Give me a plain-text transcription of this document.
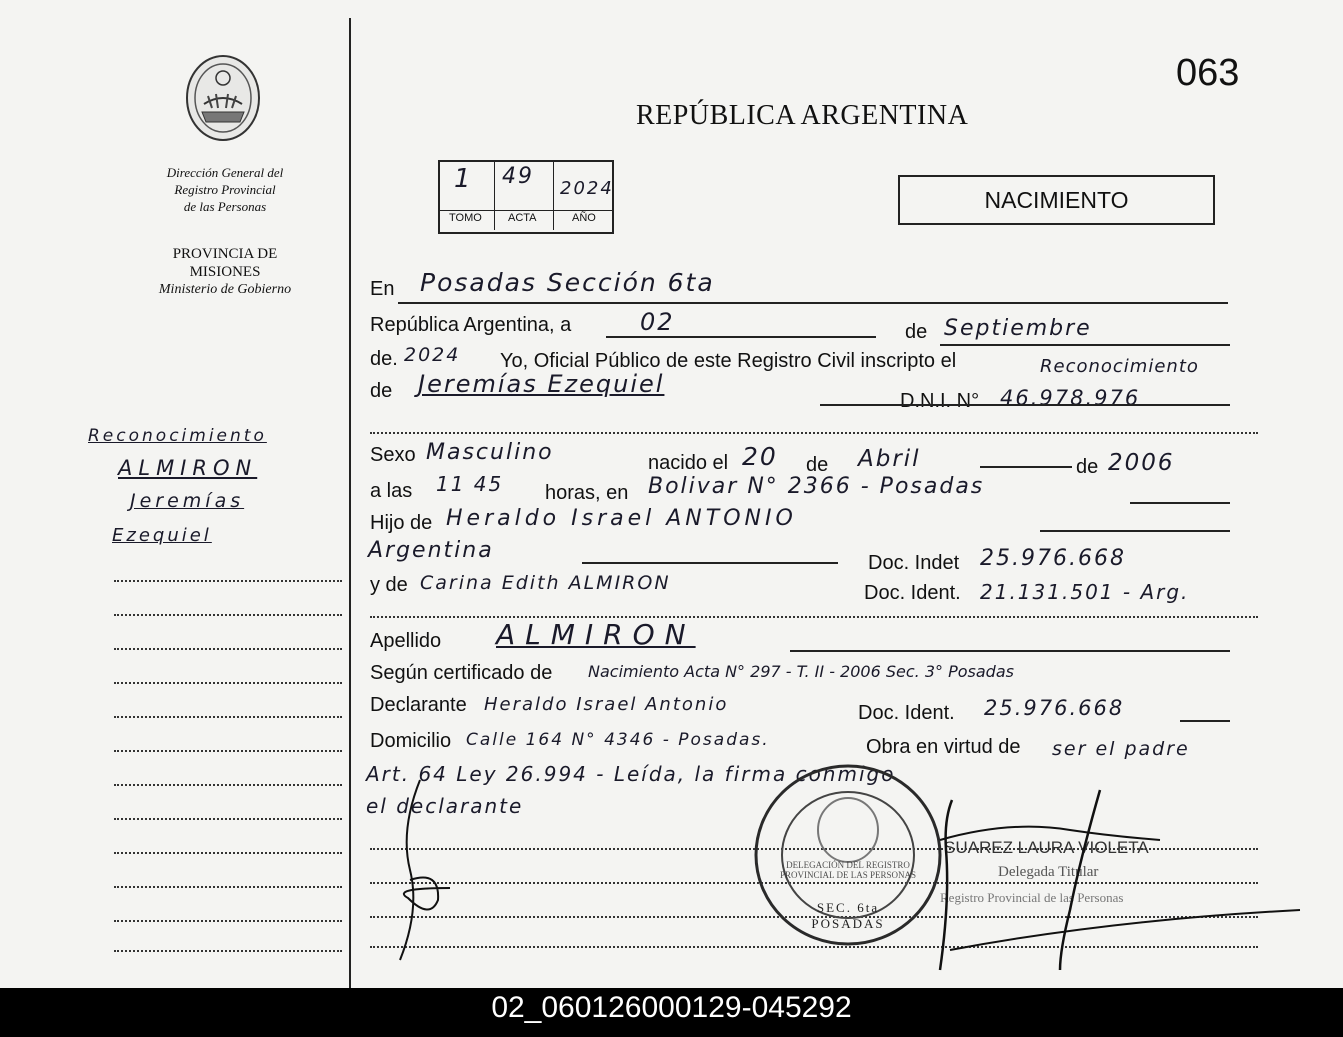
Dirección General del
Registro Provincial
de las Personas
PROVINCIA DE
MISIONES
Ministerio de Gobierno
Reconocimiento
ALMIRON
Jeremías
Ezequiel
063
REPÚBLICA ARGENTINA
1 49 2024
TOMO ACTA	AÑO
NACIMIENTO
En Posadas Sección 6ta
República Argentina, a	02	de Septiembre
de. 2024 Yo, Oficial Público de este Registro Civil inscripto el	Reconocimiento
de Jeremías Ezequiel
D.N.I. N° 46.978.976
Sexo Masculino	nacido el 20 de Abril	de 2006
a las 11 45 horas, en Bolivar N° 2366 - Posadas
Hijo de Heraldo Israel ANTONIO
Argentina	Doc. Indet 25.976.668
y de Carina Edith ALMIRON	Doc. Ident. 21.131.501 - Arg.
Apellido ALMIRON
Según certificado de Nacimiento Acta N° 297 - T. II - 2006 Sec. 3° Posadas
Declarante Heraldo Israel Antonio	Doc. Ident. 25.976.668
Domicilio Calle 164 N° 4346 - Posadas.	Obra en virtud de ser el padre
Art. 64 Ley 26.994 - Leída, la firma conmigo
el declarante
DELEGACIÓN DEL REGISTRO PROVINCIAL DE LAS PERSONAS
SEC. 6ta POSADAS
SUAREZ LAURA VIOLETA
Delegada Titular
Registro Provincial de las Personas
02_060126000129-045292
